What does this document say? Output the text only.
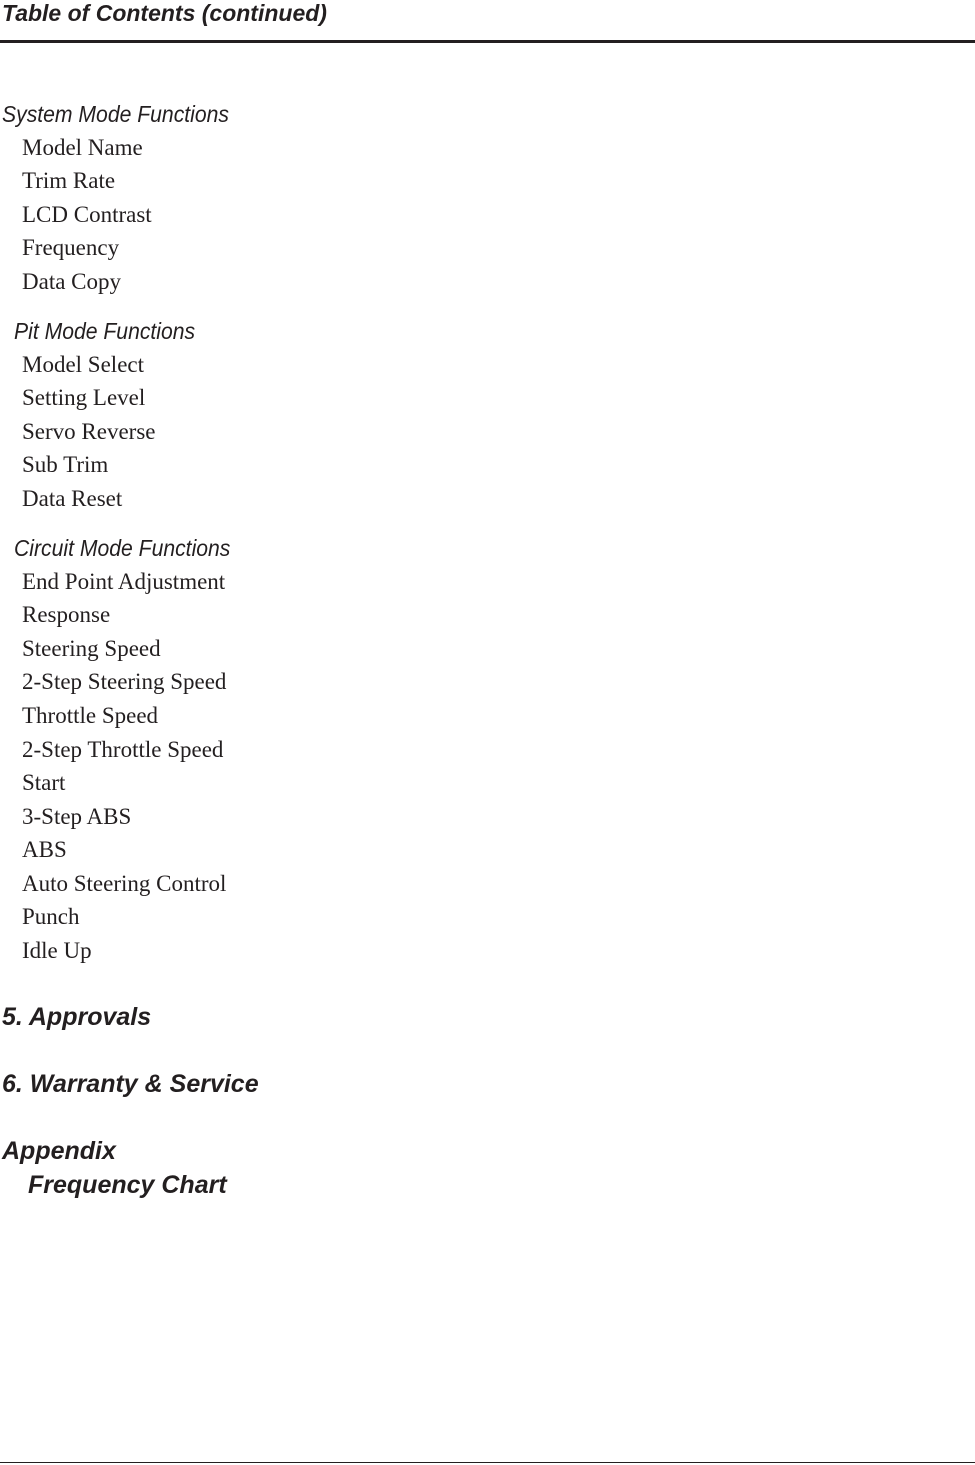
Table of Contents (continued)
System Mode Functions
Model Name
Trim Rate
LCD Contrast
Frequency
Data Copy
Pit Mode Functions
Model Select
Setting Level
Servo Reverse
Sub Trim
Data Reset
Circuit Mode Functions
End Point Adjustment
Response
Steering Speed
2-Step Steering Speed
Throttle Speed
2-Step Throttle Speed
Start
3-Step ABS
ABS
Auto Steering Control
Punch
Idle Up
5. Approvals
6. Warranty & Service
Appendix
Frequency Chart
